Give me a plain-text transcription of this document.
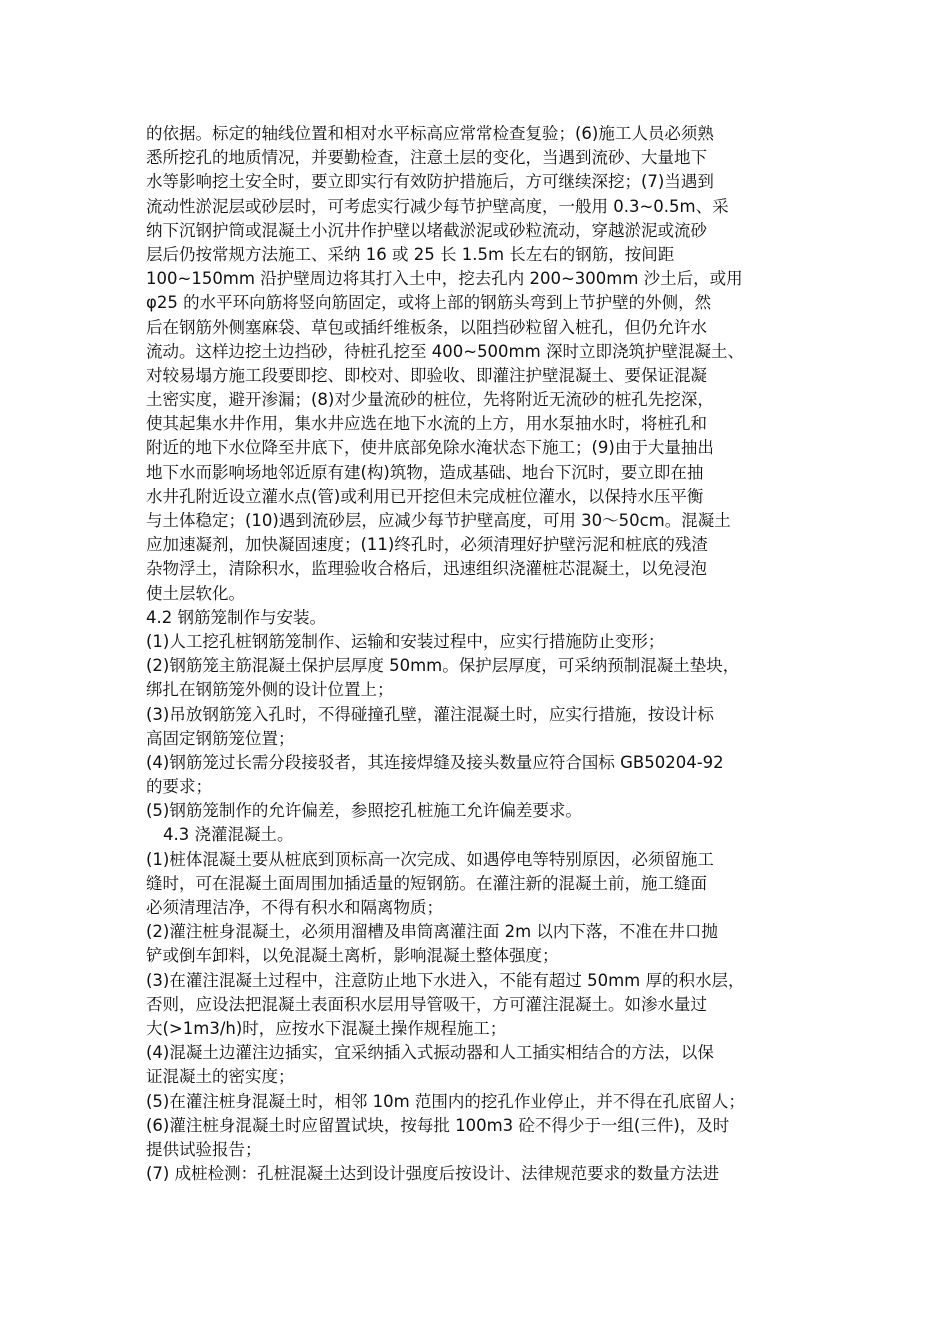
的依据。标定的轴线位置和相对水平标高应常常检查复验；(6)施工人员必须熟
悉所挖孔的地质情况，并要勤检查，注意土层的变化，当遇到流砂、大量地下
水等影响挖土安全时，要立即实行有效防护措施后，方可继续深挖；(7)当遇到
流动性淤泥层或砂层时，可考虑实行减少每节护壁高度，一般用 0.3~0.5m、采
纳下沉钢护筒或混凝土小沉井作护壁以堵截淤泥或砂粒流动，穿越淤泥或流砂
层后仍按常规方法施工、采纳 16 或 25 长 1.5m 长左右的钢筋，按间距
100~150mm 沿护壁周边将其打入土中，挖去孔内 200~300mm 沙土后，或用
φ25 的水平环向筋将竖向筋固定，或将上部的钢筋头弯到上节护壁的外侧，然
后在钢筋外侧塞麻袋、草包或插纤维板条，以阻挡砂粒留入桩孔，但仍允许水
流动。这样边挖土边挡砂，待桩孔挖至 400~500mm 深时立即浇筑护壁混凝土、
对较易塌方施工段要即挖、即校对、即验收、即灌注护壁混凝土、要保证混凝
土密实度，避开渗漏；(8)对少量流砂的桩位，先将附近无流砂的桩孔先挖深，
使其起集水井作用，集水井应选在地下水流的上方，用水泵抽水时，将桩孔和
附近的地下水位降至井底下，使井底部免除水淹状态下施工；(9)由于大量抽出
地下水而影响场地邻近原有建(构)筑物，造成基础、地台下沉时，要立即在抽
水井孔附近设立灌水点(管)或利用已开挖但未完成桩位灌水，以保持水压平衡
与土体稳定；(10)遇到流砂层，应减少每节护壁高度，可用 30～50cm。混凝土
应加速凝剂，加快凝固速度；(11)终孔时，必须清理好护壁污泥和桩底的残渣
杂物浮土，清除积水，监理验收合格后，迅速组织浇灌桩芯混凝土，以免浸泡
使土层软化。
4.2 钢筋笼制作与安装。
(1)人工挖孔桩钢筋笼制作、运输和安装过程中，应实行措施防止变形；
(2)钢筋笼主筋混凝土保护层厚度 50mm。保护层厚度，可采纳预制混凝土垫块，
绑扎在钢筋笼外侧的设计位置上；
(3)吊放钢筋笼入孔时，不得碰撞孔壁，灌注混凝土时，应实行措施，按设计标
高固定钢筋笼位置；
(4)钢筋笼过长需分段接驳者，其连接焊缝及接头数量应符合国标 GB50204-92
的要求；
(5)钢筋笼制作的允许偏差，参照挖孔桩施工允许偏差要求。
4.3 浇灌混凝土。
(1)桩体混凝土要从桩底到顶标高一次完成、如遇停电等特别原因，必须留施工
缝时，可在混凝土面周围加插适量的短钢筋。在灌注新的混凝土前，施工缝面
必须清理洁净，不得有积水和隔离物质；
(2)灌注桩身混凝土，必须用溜槽及串筒离灌注面 2m 以内下落，不准在井口抛
铲或倒车卸料，以免混凝土离析，影响混凝土整体强度；
(3)在灌注混凝土过程中，注意防止地下水进入，不能有超过 50mm 厚的积水层，
否则，应设法把混凝土表面积水层用导管吸干，方可灌注混凝土。如渗水量过
大(>1m3/h)时，应按水下混凝土操作规程施工；
(4)混凝土边灌注边插实，宜采纳插入式振动器和人工插实相结合的方法，以保
证混凝土的密实度；
(5)在灌注桩身混凝土时，相邻 10m 范围内的挖孔作业停止，并不得在孔底留人；
(6)灌注桩身混凝土时应留置试块，按每批 100m3 砼不得少于一组(三件)，及时
提供试验报告；
(7) 成桩检测：孔桩混凝土达到设计强度后按设计、法律规范要求的数量方法进
